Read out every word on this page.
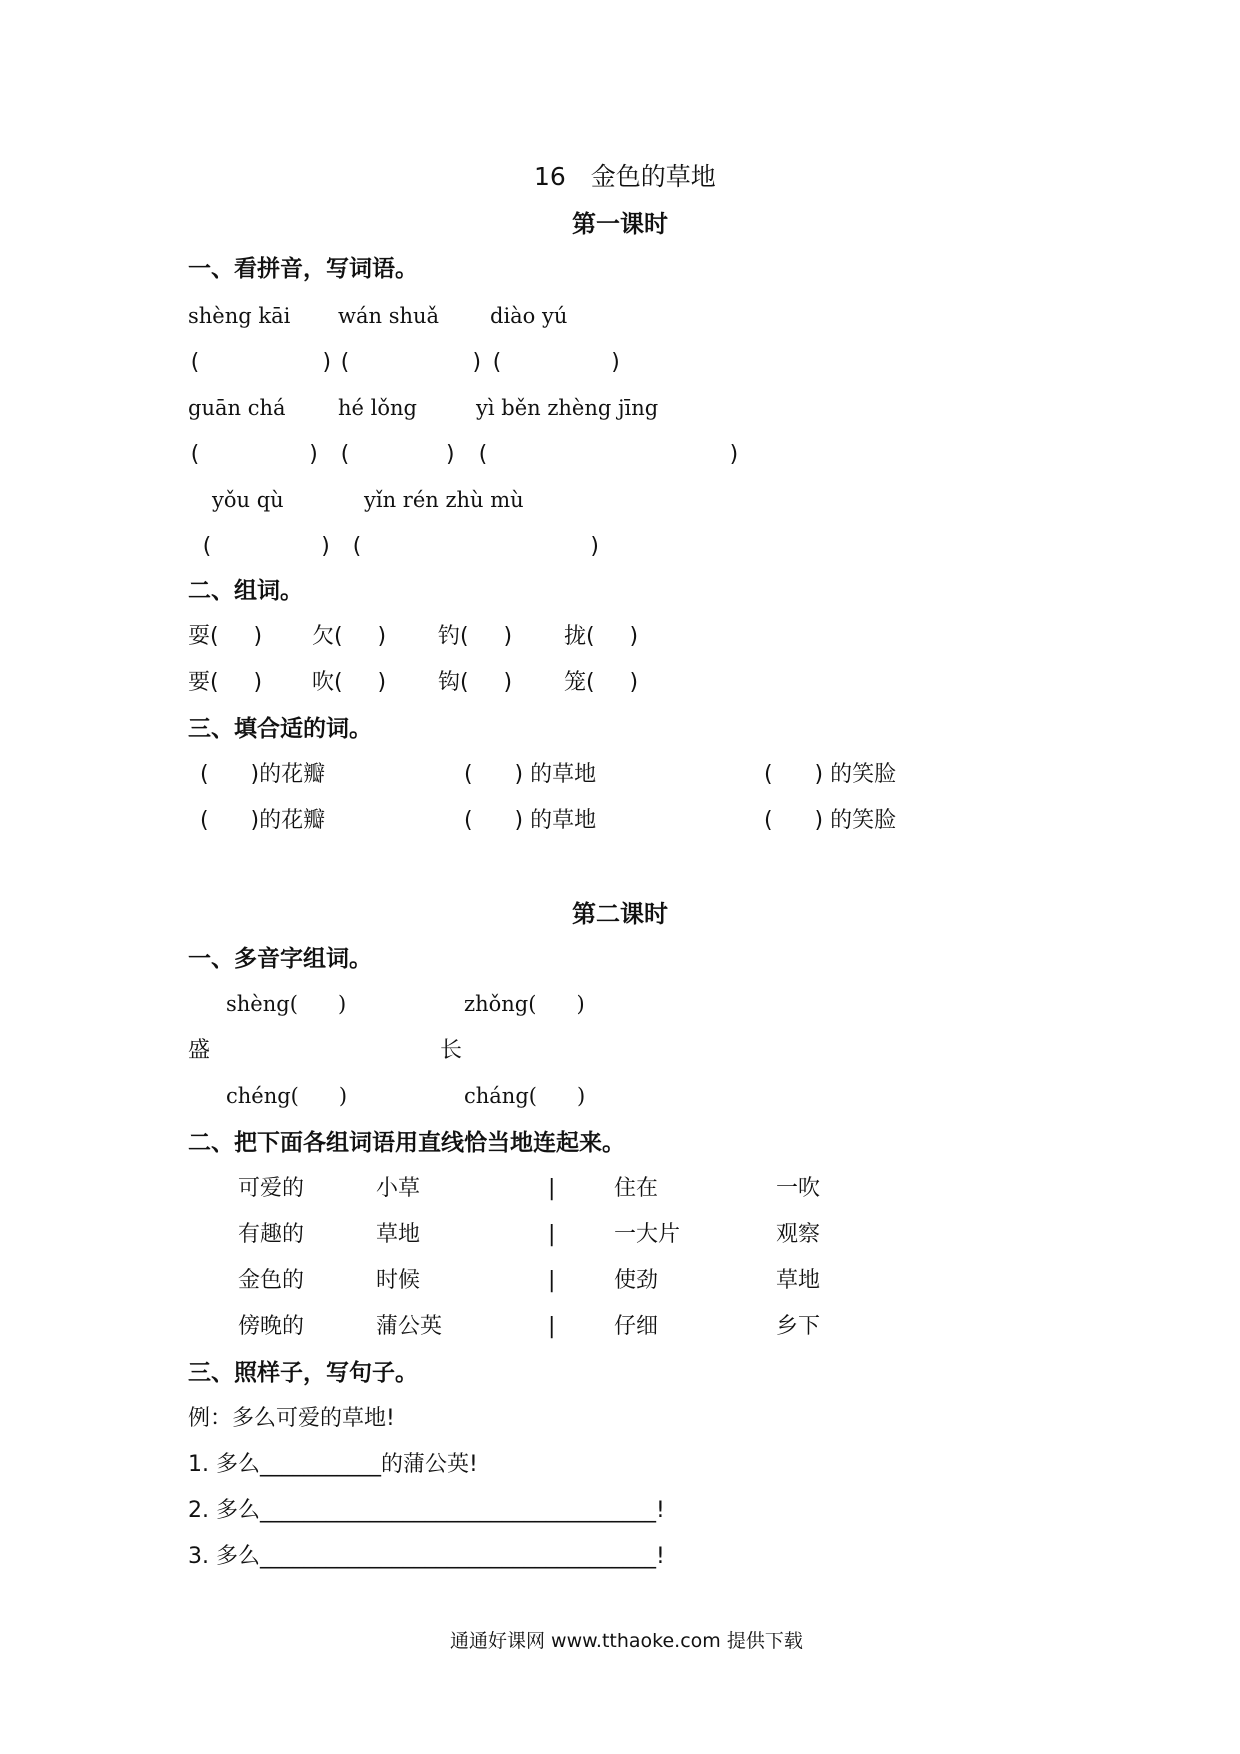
16　金色的草地
第一课时
一、看拼音，写词语。
shèng kāi wán shuǎ diào yú
(         ) (         ) (        )
guān chá	hé lǒng	yì běn zhèng jīng
(        ) (       ) (                  )
yǒu qù	yǐn rén zhù mù
(        ) (                 )
二、组词。
耍(     ) 欠(     ) 钓(     ) 拢(     )
要(     ) 吹(     ) 钩(     ) 笼(     )
三、填合适的词。
(      )的花瓣	(      ) 的草地	(      ) 的笑脸
(      )的花瓣	(      ) 的草地	(      ) 的笑脸
第二课时
一、多音字组词。
shèng(      )	zhǒng(      )
盛	长
chéng(      )	cháng(      )
二、把下面各组词语用直线恰当地连起来。
可爱的	小草	|	住在	一吹
有趣的	草地	|	一大片	观察
金色的	时候	|	使劲	草地
傍晚的	蒲公英	|	仔细	乡下
三、照样子，写句子。
例：多么可爱的草地!
1. 多么___________的蒲公英!
2. 多么____________________________________!
3. 多么____________________________________!
通通好课网 www.tthaoke.com 提供下载
